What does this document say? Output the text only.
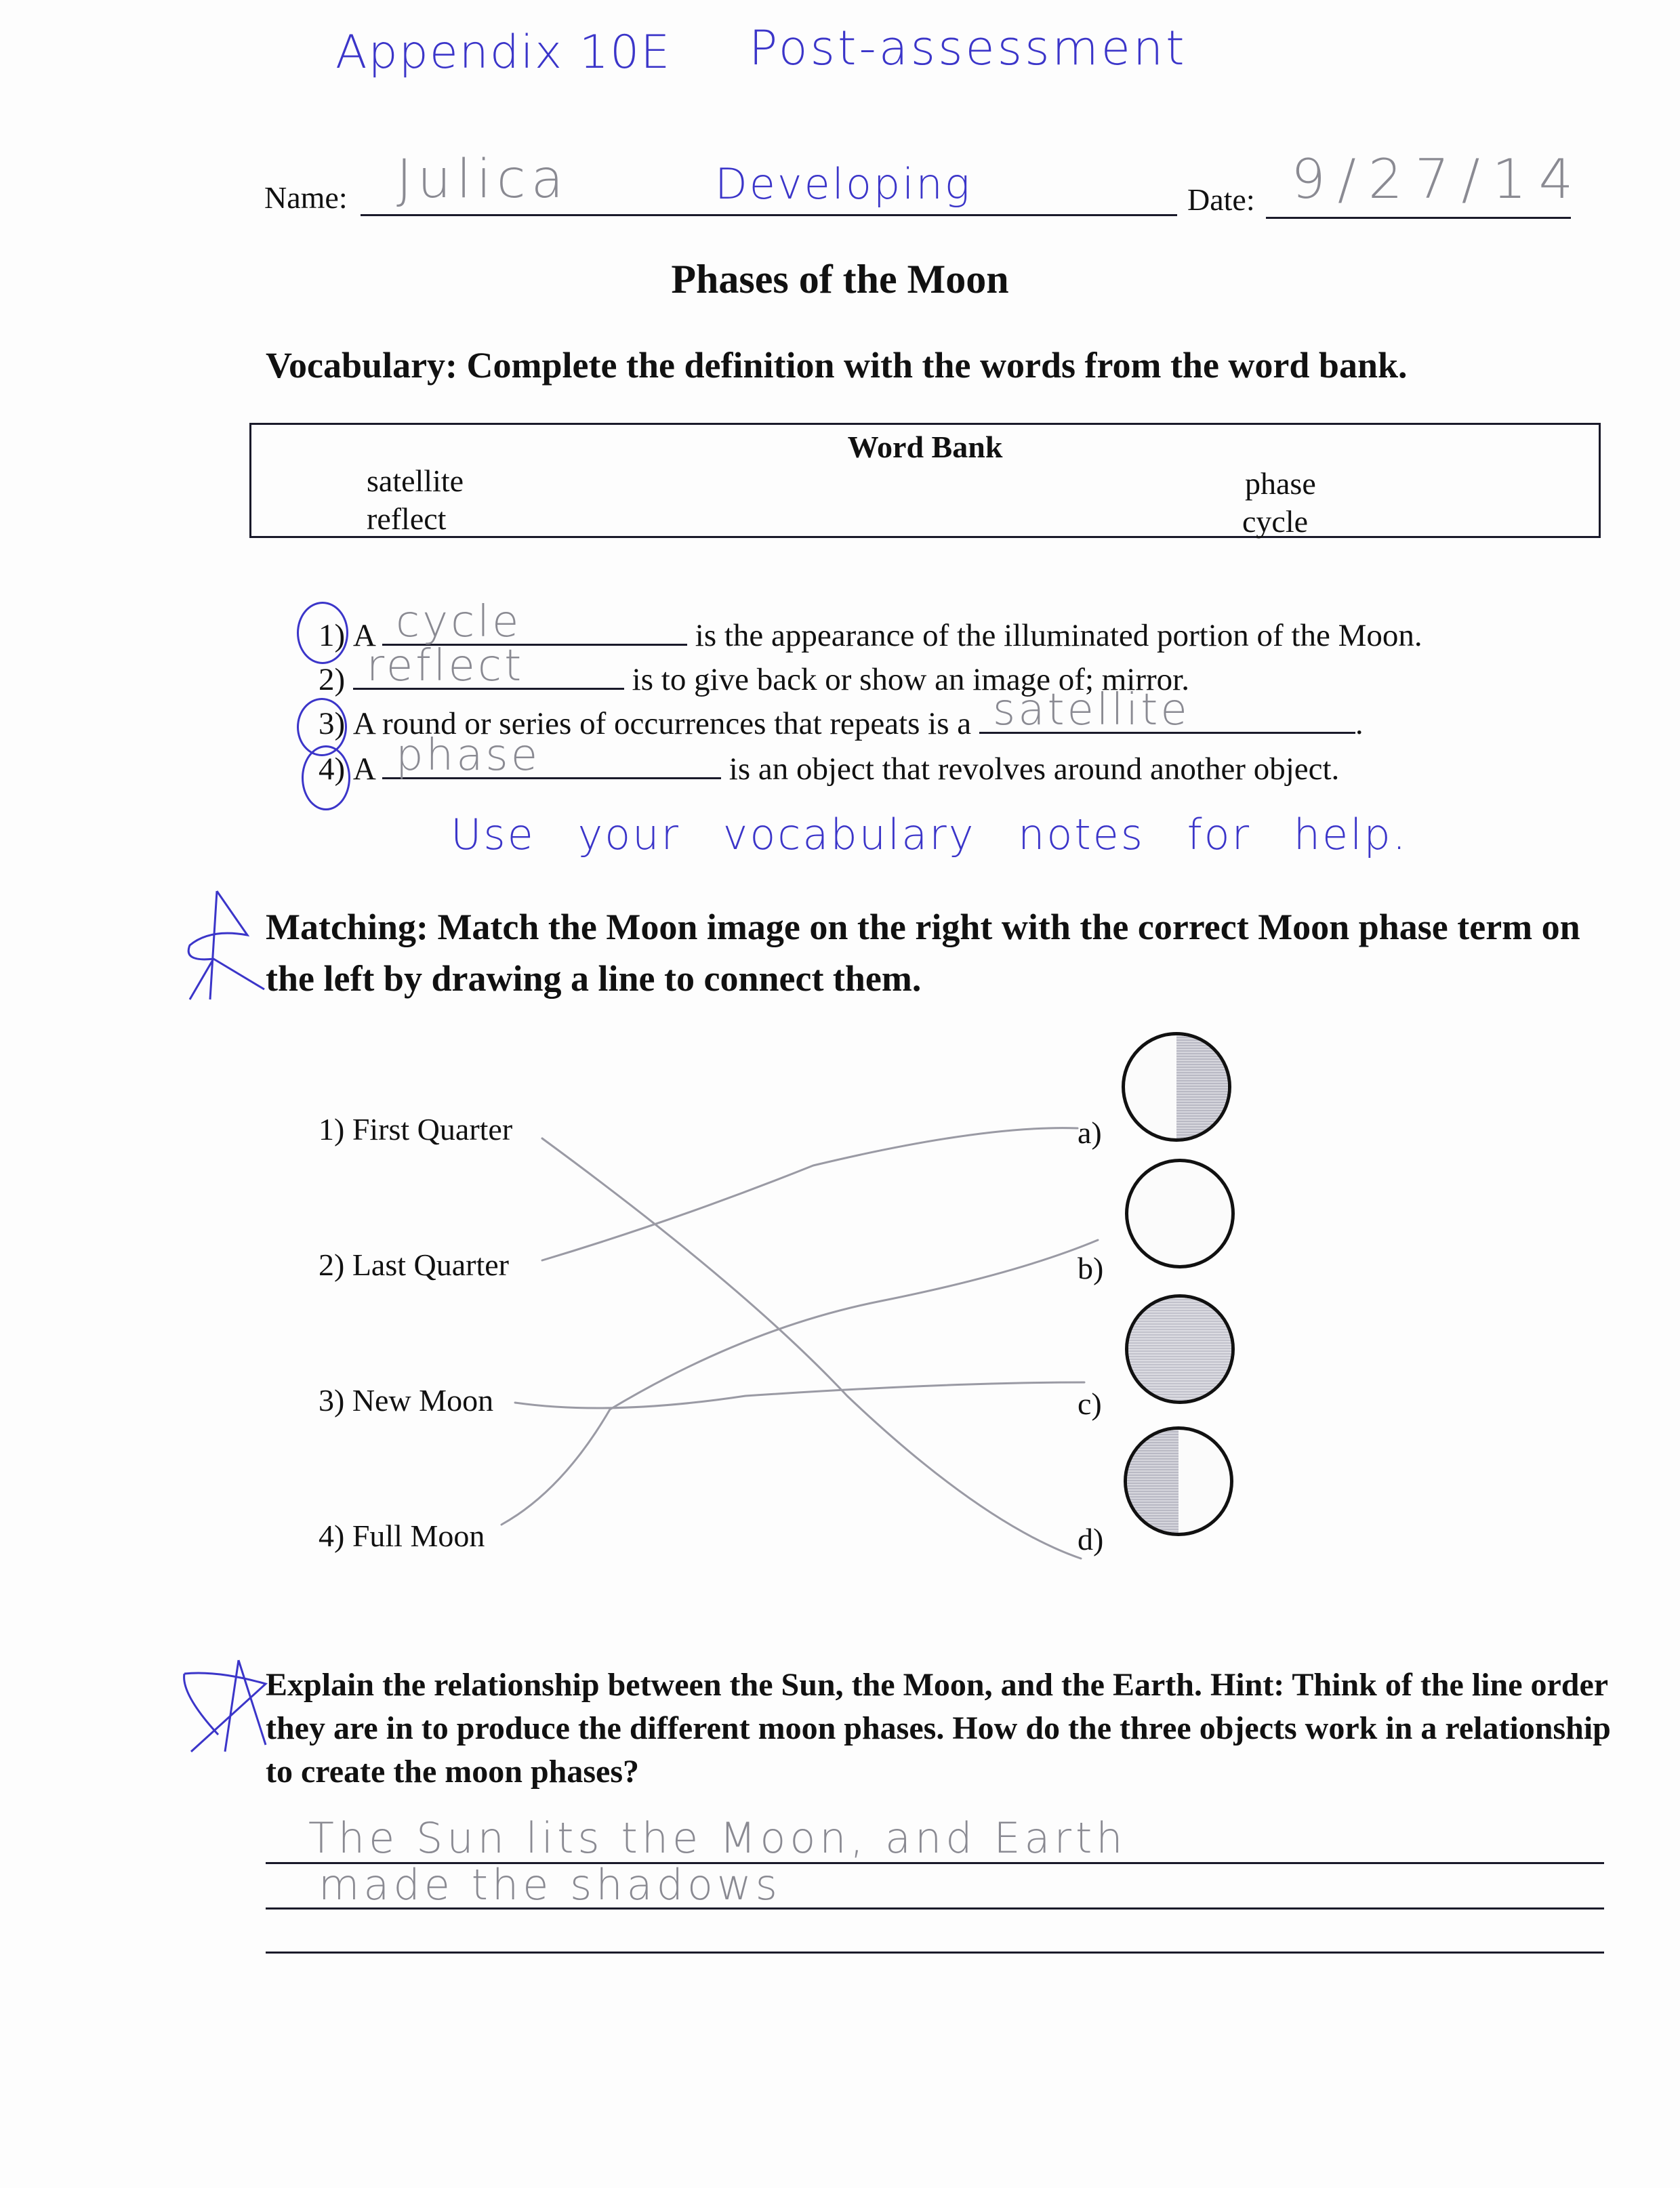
Appendix 10E Post-assessment
Name: Julica	Developing	Date: 9/27/14
Phases of the Moon
Vocabulary: Complete the definition with the words from the word bank.
Word Bank
satellite
reflect
phase
cycle
1) A cycle	is the appearance of the illuminated portion of the Moon.
2) reflect	is to give back or show an image of; mirror.
3) A round or series of occurrences that repeats is a satellite	.
4) A phase	is an object that revolves around another object.
Use your vocabulary notes for help.
Matching: Match the Moon image on the right with the correct Moon phase term on the left by drawing a line to connect them.
1) First Quarter
2) Last Quarter
3) New Moon
4) Full Moon
a)
b)
c)
d)
Explain the relationship between the Sun, the Moon, and the Earth. Hint: Think of the line order they are in to produce the different moon phases. How do the three objects work in a relationship to create the moon phases?
The Sun lits the Moon, and Earth
made the shadows
